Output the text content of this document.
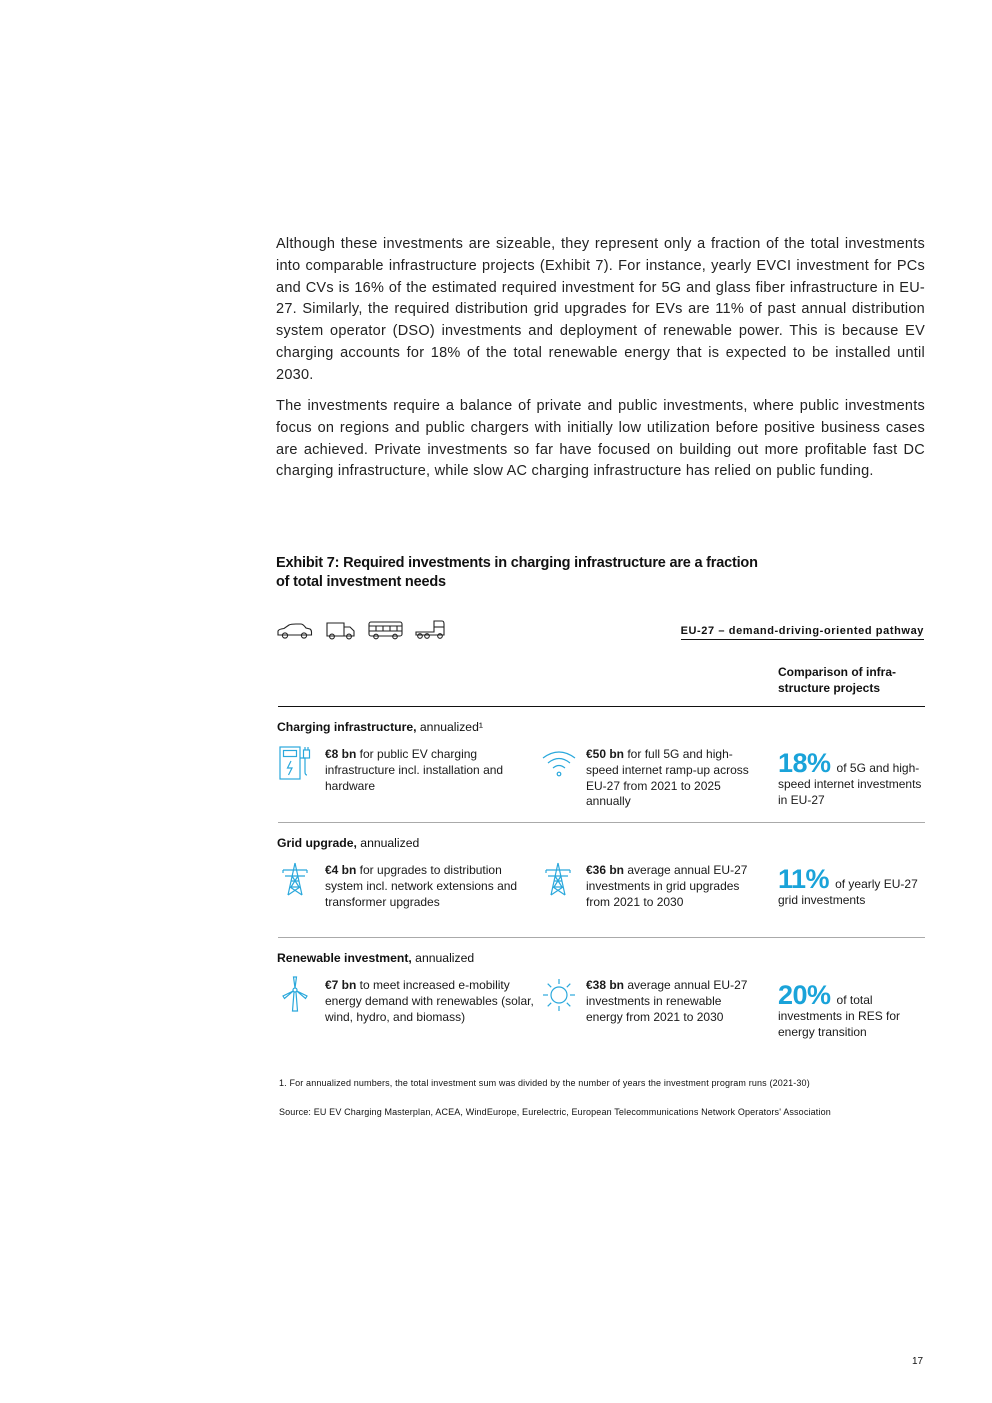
Although these investments are sizeable, they represent only a fraction of the total investments into comparable infrastructure projects (Exhibit 7). For instance, yearly EVCI investment for PCs and CVs is 16% of the estimated required investment for 5G and glass fiber infrastructure in EU-27. Similarly, the required distribution grid upgrades for EVs are 11% of past annual distribution system operator (DSO) investments and deployment of renewable power. This is because EV charging accounts for 18% of the total renewable energy that is expected to be installed until 2030.

The investments require a balance of private and public investments, where public investments focus on regions and public chargers with initially low utilization before positive business cases are achieved. Private investments so far have focused on building out more profitable fast DC charging infrastructure, while slow AC charging infrastructure has relied on public funding.

Exhibit 7: Required investments in charging infrastructure are a fraction
of total investment needs
EU-27 – demand-driving-oriented pathway
Comparison of infra-
structure projects
Charging infrastructure, annualized¹
€8 bn for public EV charging infrastructure incl. installation and hardware
€50 bn for full 5G and high-speed internet ramp-up across EU-27 from 2021 to 2025 annually
18% of 5G and high-speed internet investments in EU-27
Grid upgrade, annualized
€4 bn for upgrades to distribution system incl. network extensions and transformer upgrades
€36 bn average annual EU-27 investments in grid upgrades from 2021 to 2030
11% of yearly EU-27 grid investments
Renewable investment, annualized
€7 bn to meet increased e-mobility energy demand with renewables (solar, wind, hydro, and biomass)
€38 bn average annual EU-27 investments in renewable energy from 2021 to 2030
20% of total investments in RES for energy transition
1. For annualized numbers, the total investment sum was divided by the number of years the investment program runs (2021-30)
Source: EU EV Charging Masterplan, ACEA, WindEurope, Eurelectric, European Telecommunications Network Operators' Association
17
